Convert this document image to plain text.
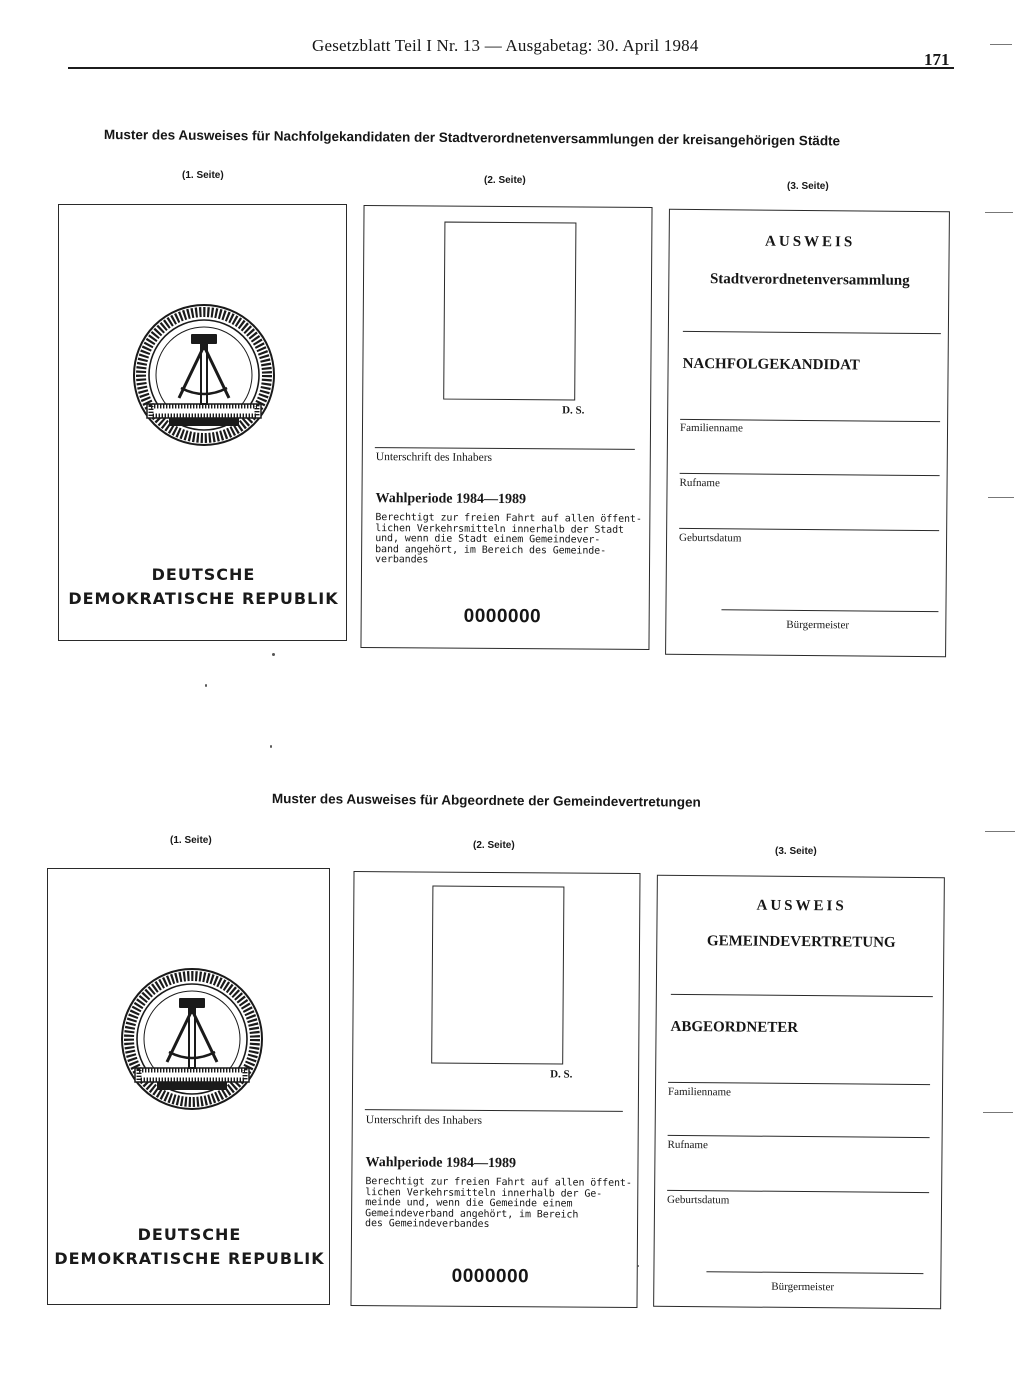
Gesetzblatt Teil I Nr. 13 — Ausgabetag: 30. April 1984
171
Muster des Ausweises für Nachfolgekandidaten der Stadtverordnetenversammlungen der kreisangehörigen Städte
(1. Seite)	(2. Seite)
(3. Seite)
DEUTSCHE
DEMOKRATISCHE REPUBLIK
D. S.
Unterschrift des Inhabers
Wahlperiode 1984—1989
Berechtigt zur freien Fahrt auf allen öffent-
lichen Verkehrsmitteln innerhalb der Stadt
und, wenn die Stadt einem Gemeindever-
band angehört, im Bereich des Gemeinde-
verbandes
0000000
AUSWEIS
Stadtverordnetenversammlung
NACHFOLGEKANDIDAT
Familienname
Rufname
Geburtsdatum
Bürgermeister
Muster des Ausweises für Abgeordnete der Gemeindevertretungen
(1. Seite)	(2. Seite)
(3. Seite)
DEUTSCHE
DEMOKRATISCHE REPUBLIK
D. S.
Unterschrift des Inhabers
Wahlperiode 1984—1989
Berechtigt zur freien Fahrt auf allen öffent-
lichen Verkehrsmitteln innerhalb der Ge-
meinde und, wenn die Gemeinde einem
Gemeindeverband angehört, im Bereich
des Gemeindeverbandes
0000000
AUSWEIS
GEMEINDEVERTRETUNG
ABGEORDNETER
Familienname
Rufname
Geburtsdatum
Bürgermeister
